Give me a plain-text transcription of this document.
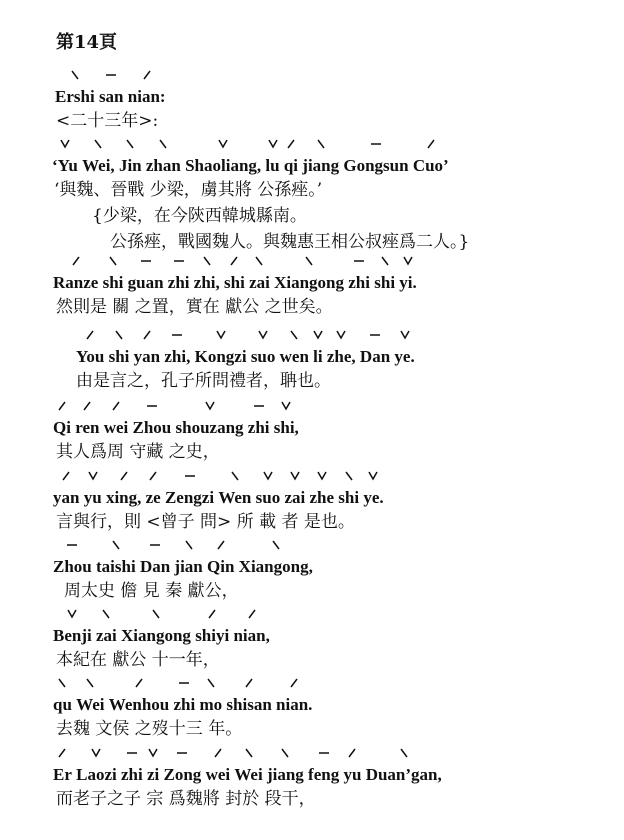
第14頁
Ershi san nian:
<二十三年>:
‘Yu Wei, Jin zhan Shaoliang, lu qi jiang Gongsun Cuo’
‘與魏、晉戰 少梁，虜其將 公孫痤。’
{少梁，在今陝西韓城縣南。
公孫痤，戰國魏人。與魏惠王相公叔痤爲二人。}
Ranze shi guan zhi zhi, shi zai Xiangong zhi shi yi.
然則是 關 之置，實在 獻公 之世矣。
You shi yan zhi, Kongzi suo wen li zhe, Dan ye.
由是言之，孔子所問禮者，聃也。
Qi ren wei Zhou shouzang zhi shi,
其人爲周 守藏 之史，
yan yu xing, ze Zengzi Wen suo zai zhe shi ye.
言與行，則 <曾子 問> 所 載 者 是也。
Zhou taishi Dan jian Qin Xiangong,
周太史 儋 見 秦 獻公，
Benji zai Xiangong shiyi nian,
本紀在 獻公 十一年，
qu Wei Wenhou zhi mo shisan nian.
去魏 文侯 之歿十三 年。
Er Laozi zhi zi Zong wei Wei jiang feng yu Duan’gan,
而老子之子 宗 爲魏將 封於 段干，
